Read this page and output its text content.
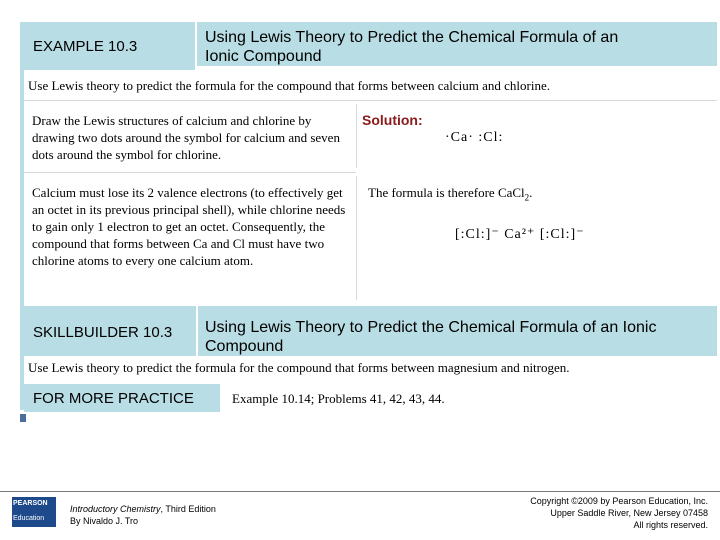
EXAMPLE 10.3
Using Lewis Theory to Predict the Chemical Formula of an
Ionic Compound
Use Lewis theory to predict the formula for the compound that forms between calcium and chlorine.
Draw the Lewis structures of calcium and chlorine by drawing two dots around the symbol for calcium and seven dots around the symbol for chlorine.
Calcium must lose its 2 valence electrons (to effectively get an octet in its previous principal shell), while chlorine needs to gain only 1 electron to get an octet. Consequently, the compound that forms between Ca and Cl must have two chlorine atoms to every one calcium atom.
Solution:
·Ca· :Cl:
The formula is therefore CaCl$_2$.
[:Cl:]⁻ Ca²⁺ [:Cl:]⁻
SKILLBUILDER 10.3 Using Lewis Theory to Predict the Chemical Formula of an Ionic
Compound
Use Lewis theory to predict the formula for the compound that forms between magnesium and nitrogen.
FOR MORE PRACTICE	Example 10.14; Problems 41, 42, 43, 44.
PEARSON
Education
Introductory Chemistry, Third Edition
By Nivaldo J. Tro
Copyright ©2009 by Pearson Education, Inc.
Upper Saddle River, New Jersey 07458
All rights reserved.
